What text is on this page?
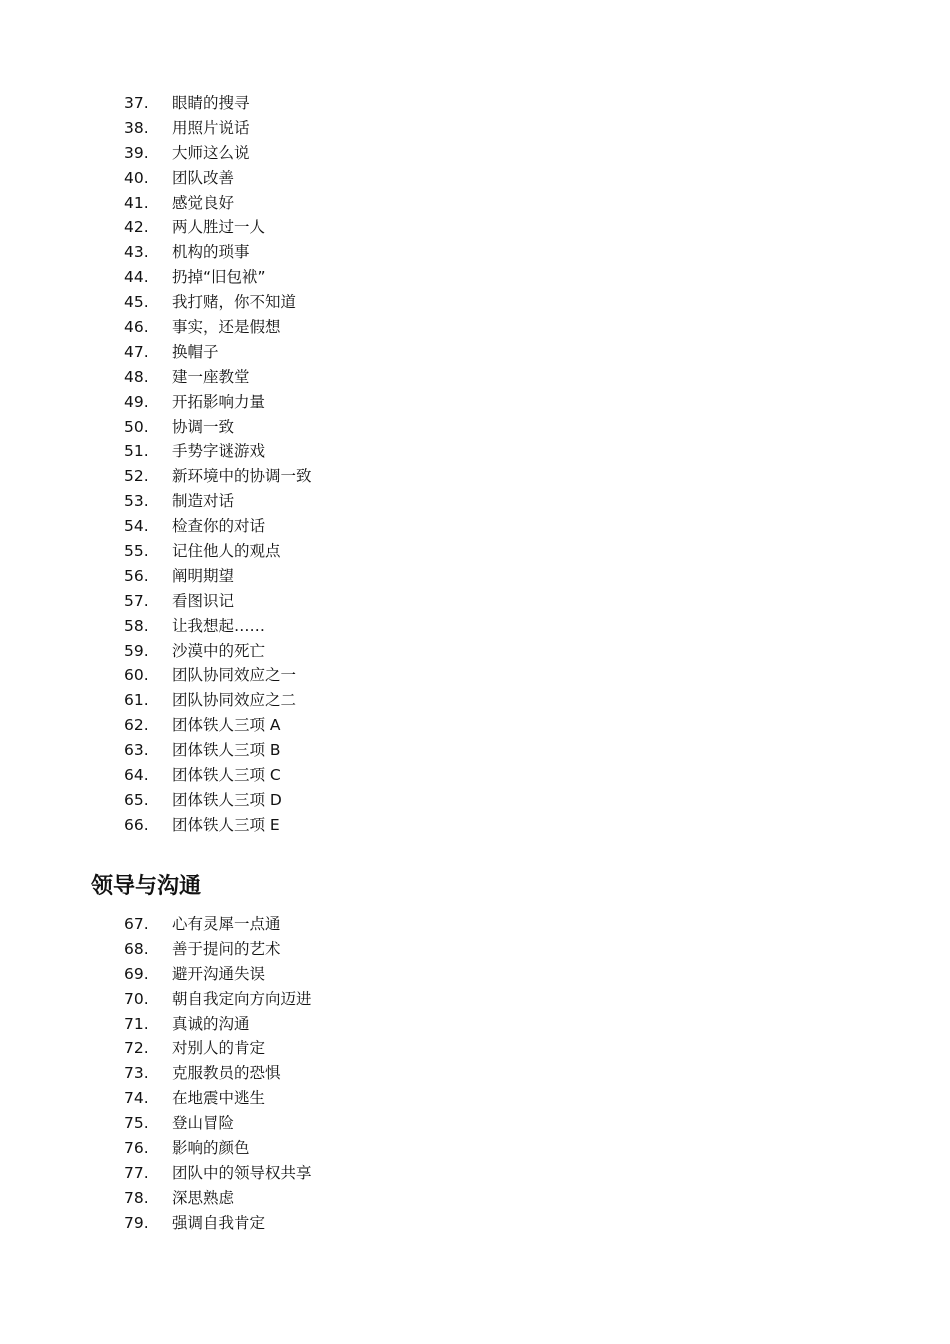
37.	眼睛的搜寻
38.	用照片说话
39.	大师这么说
40.	团队改善
41.	感觉良好
42.	两人胜过一人
43.	机构的琐事
44.	扔掉“旧包袱”
45.	我打赌，你不知道
46.	事实，还是假想
47.	换帽子
48.	建一座教堂
49.	开拓影响力量
50.	协调一致
51.	手势字谜游戏
52.	新环境中的协调一致
53.	制造对话
54.	检查你的对话
55.	记住他人的观点
56.	阐明期望
57.	看图识记
58.	让我想起……
59.	沙漠中的死亡
60.	团队协同效应之一
61.	团队协同效应之二
62.	团体铁人三项 A
63.	团体铁人三项 B
64.	团体铁人三项 C
65.	团体铁人三项 D
66.	团体铁人三项 E
领导与沟通
67.	心有灵犀一点通
68.	善于提问的艺术
69.	避开沟通失误
70.	朝自我定向方向迈进
71.	真诚的沟通
72.	对别人的肯定
73.	克服教员的恐惧
74.	在地震中逃生
75.	登山冒险
76.	影响的颜色
77.	团队中的领导权共享
78.	深思熟虑
79.	强调自我肯定
